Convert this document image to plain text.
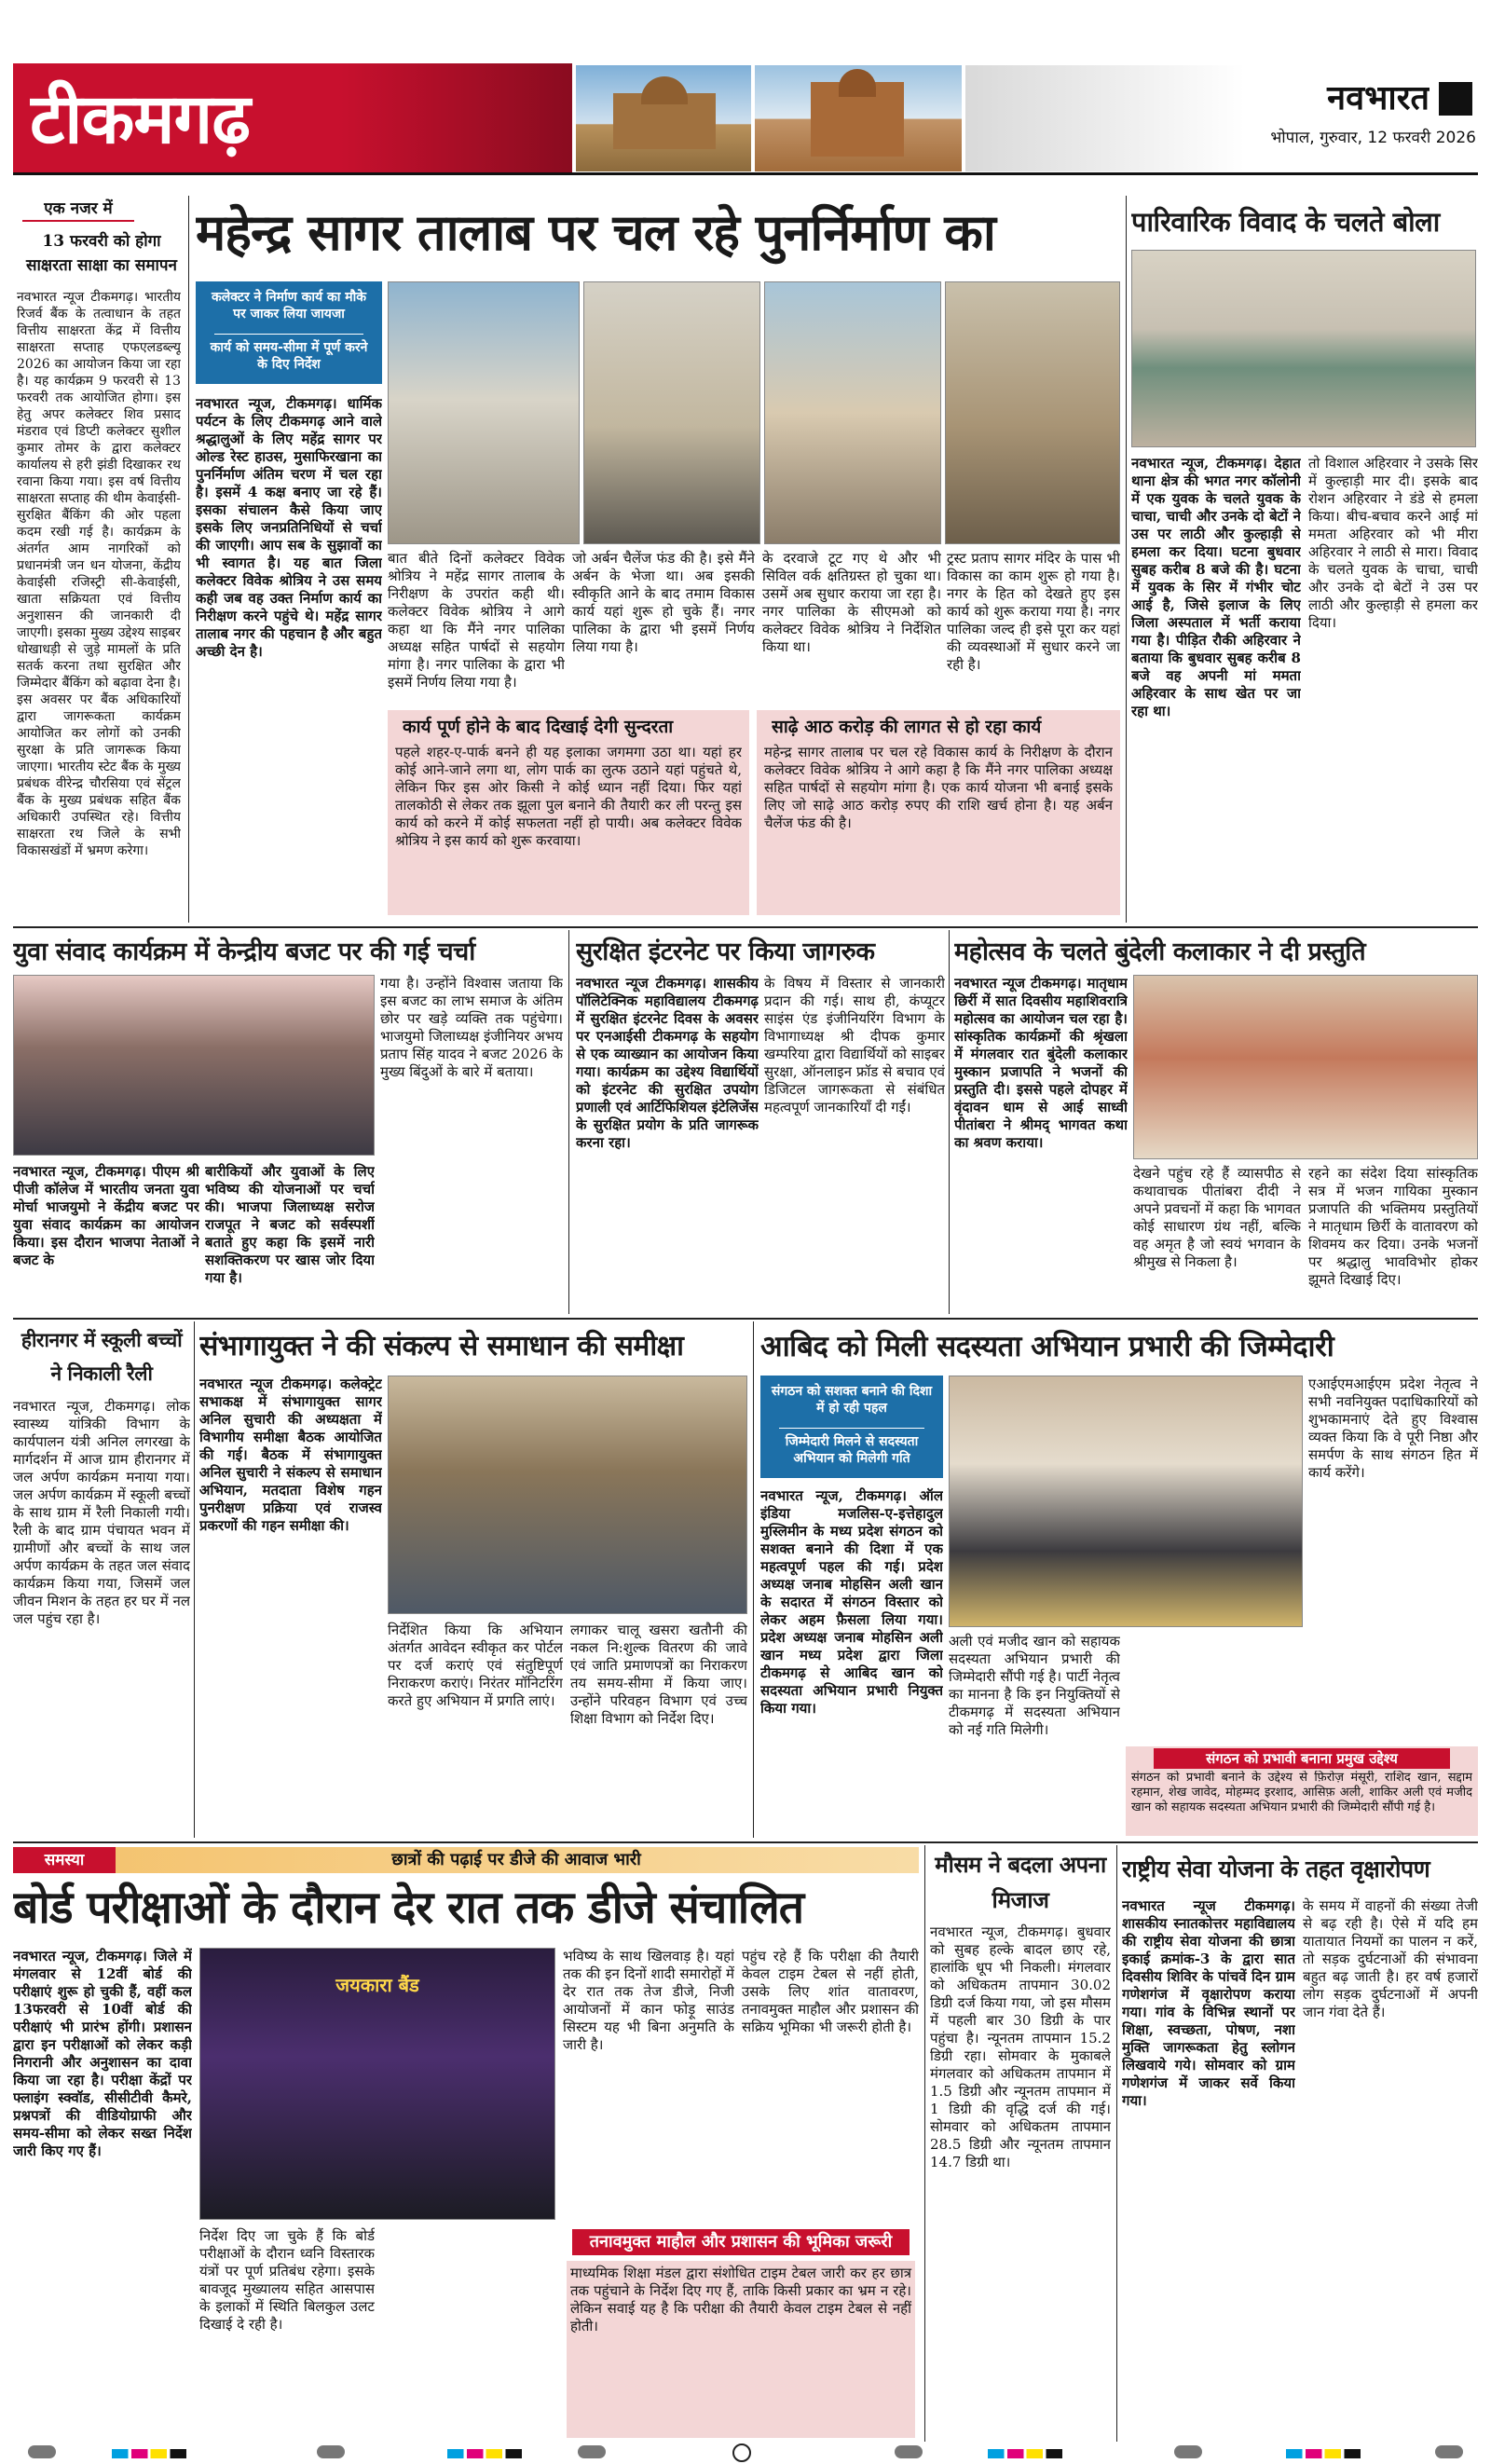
टीकमगढ़	नवभारत
भोपाल, गुरुवार, 12 फरवरी 2026
एक नजर में
13 फरवरी को होगा साक्षरता साक्षा का समापन

नवभारत न्यूज टीकमगढ़। भारतीय रिजर्व बैंक के तत्वाधान के तहत वित्तीय साक्षरता केंद्र में वित्तीय साक्षरता सप्ताह एफएलडब्ल्यू 2026 का आयोजन किया जा रहा है। यह कार्यक्रम 9 फरवरी से 13 फरवरी तक आयोजित होगा। इस हेतु अपर कलेक्टर शिव प्रसाद मंडराव एवं डिप्टी कलेक्टर सुशील कुमार तोमर के द्वारा कलेक्टर कार्यालय से हरी झंडी दिखाकर रथ रवाना किया गया। इस वर्ष वित्तीय साक्षरता सप्ताह की थीम केवाईसी-सुरक्षित बैंकिंग की ओर पहला कदम रखी गई है। कार्यक्रम के अंतर्गत आम नागरिकों को प्रधानमंत्री जन धन योजना, केंद्रीय केवाईसी रजिस्ट्री सी-केवाईसी, खाता सक्रियता एवं वित्तीय अनुशासन की जानकारी दी जाएगी। इसका मुख्य उद्देश्य साइबर धोखाधड़ी से जुड़े मामलों के प्रति सतर्क करना तथा सुरक्षित और जिम्मेदार बैंकिंग को बढ़ावा देना है। इस अवसर पर बैंक अधिकारियों द्वारा जागरूकता कार्यक्रम आयोजित कर लोगों को उनकी सुरक्षा के प्रति जागरूक किया जाएगा। भारतीय स्टेट बैंक के मुख्य प्रबंधक वीरेन्द्र चौरसिया एवं सेंट्रल बैंक के मुख्य प्रबंधक सहित बैंक अधिकारी उपस्थित रहे। वित्तीय साक्षरता रथ जिले के सभी विकासखंडों में भ्रमण करेगा।

महेन्द्र सागर तालाब पर चल रहे पुनर्निर्माण का
कलेक्टर ने निर्माण कार्य का मौके पर जाकर लिया जायजा
कार्य को समय-सीमा में पूर्ण करने के दिए निर्देश

नवभारत न्यूज, टीकमगढ़। धार्मिक पर्यटन के लिए टीकमगढ़ आने वाले श्रद्धालुओं के लिए महेंद्र सागर पर ओल्ड रेस्ट हाउस, मुसाफिरखाना का पुनर्निर्माण अंतिम चरण में चल रहा है। इसमें 4 कक्ष बनाए जा रहे हैं। इसका संचालन कैसे किया जाए इसके लिए जनप्रतिनिधियों से चर्चा की जाएगी। आप सब के सुझावों का भी स्वागत है। यह बात जिला कलेक्टर विवेक श्रोत्रिय ने उस समय कही जब वह उक्त निर्माण कार्य का निरीक्षण करने पहुंचे थे। महेंद्र सागर तालाब नगर की पहचान है और बहुत अच्छी देन है।

बात बीते दिनों कलेक्टर विवेक श्रोत्रिय ने महेंद्र सागर तालाब के निरीक्षण के उपरांत कही थी। कलेक्टर विवेक श्रोत्रिय ने आगे कहा था कि मैंने नगर पालिका अध्यक्ष सहित पार्षदों से सहयोग मांगा है। नगर पालिका के द्वारा भी इसमें निर्णय लिया गया है।

जो अर्बन चैलेंज फंड की है। इसे मैंने अर्बन के भेजा था। अब इसकी स्वीकृति आने के बाद तमाम विकास कार्य यहां शुरू हो चुके हैं। नगर पालिका के द्वारा भी इसमें निर्णय लिया गया है।

के दरवाजे टूट गए थे और भी सिविल वर्क क्षतिग्रस्त हो चुका था। उसमें अब सुधार कराया जा रहा है। नगर पालिका के सीएमओ को कलेक्टर विवेक श्रोत्रिय ने निर्देशित किया था।

ट्रस्ट प्रताप सागर मंदिर के पास भी विकास का काम शुरू हो गया है। नगर के हित को देखते हुए इस कार्य को शुरू कराया गया है। नगर पालिका जल्द ही इसे पूरा कर यहां की व्यवस्थाओं में सुधार करने जा रही है।

कार्य पूर्ण होने के बाद दिखाई देगी सुन्दरता

पहले शहर-ए-पार्क बनने ही यह इलाका जगमगा उठा था। यहां हर कोई आने-जाने लगा था, लोग पार्क का लुत्फ उठाने यहां पहुंचते थे, लेकिन फिर इस ओर किसी ने कोई ध्यान नहीं दिया। फिर यहां तालकोठी से लेकर तक झूला पुल बनाने की तैयारी कर ली परन्तु इस कार्य को करने में कोई सफलता नहीं हो पायी। अब कलेक्टर विवेक श्रोत्रिय ने इस कार्य को शुरू करवाया।

साढ़े आठ करोड़ की लागत से हो रहा कार्य

महेन्द्र सागर तालाब पर चल रहे विकास कार्य के निरीक्षण के दौरान कलेक्टर विवेक श्रोत्रिय ने आगे कहा है कि मैंने नगर पालिका अध्यक्ष सहित पार्षदों से सहयोग मांगा है। एक कार्य योजना भी बनाई इसके लिए जो साढ़े आठ करोड़ रुपए की राशि खर्च होना है। यह अर्बन चैलेंज फंड की है।

पारिवारिक विवाद के चलते बोला

नवभारत न्यूज, टीकमगढ़। देहात थाना क्षेत्र की भगत नगर कॉलोनी में एक युवक के चलते युवक के चाचा, चाची और उनके दो बेटों ने उस पर लाठी और कुल्हाड़ी से हमला कर दिया। घटना बुधवार सुबह करीब 8 बजे की है। घटना में युवक के सिर में गंभीर चोट आई है, जिसे इलाज के लिए जिला अस्पताल में भर्ती कराया गया है। पीड़ित रौकी अहिरवार ने बताया कि बुधवार सुबह करीब 8 बजे वह अपनी मां ममता अहिरवार के साथ खेत पर जा रहा था।

तो विशाल अहिरवार ने उसके सिर में कुल्हाड़ी मार दी। इसके बाद रोशन अहिरवार ने डंडे से हमला किया। बीच-बचाव करने आई मां ममता अहिरवार को भी मीरा अहिरवार ने लाठी से मारा। विवाद के चलते युवक के चाचा, चाची और उनके दो बेटों ने उस पर लाठी और कुल्हाड़ी से हमला कर दिया।

युवा संवाद कार्यक्रम में केन्द्रीय बजट पर की गई चर्चा

नवभारत न्यूज, टीकमगढ़। पीएम श्री पीजी कॉलेज में भारतीय जनता युवा मोर्चा भाजयुमो ने केंद्रीय बजट पर युवा संवाद कार्यक्रम का आयोजन किया। इस दौरान भाजपा नेताओं ने बजट के

गया है। उन्होंने विश्वास जताया कि इस बजट का लाभ समाज के अंतिम छोर पर खड़े व्यक्ति तक पहुंचेगा। भाजयुमो जिलाध्यक्ष इंजीनियर अभय प्रताप सिंह यादव ने बजट 2026 के मुख्य बिंदुओं के बारे में बताया।

बारीकियों और युवाओं के लिए भविष्य की योजनाओं पर चर्चा की। भाजपा जिलाध्यक्ष सरोज राजपूत ने बजट को सर्वस्पर्शी बताते हुए कहा कि इसमें नारी सशक्तिकरण पर खास जोर दिया गया है।

सुरक्षित इंटरनेट पर किया जागरुक

नवभारत न्यूज टीकमगढ़। शासकीय पॉलिटेक्निक महाविद्यालय टीकमगढ़ में सुरक्षित इंटरनेट दिवस के अवसर पर एनआईसी टीकमगढ़ के सहयोग से एक व्याख्यान का आयोजन किया गया। कार्यक्रम का उद्देश्य विद्यार्थियों को इंटरनेट की सुरक्षित उपयोग प्रणाली एवं आर्टिफिशियल इंटेलिजेंस के सुरक्षित प्रयोग के प्रति जागरूक करना रहा।

के विषय में विस्तार से जानकारी प्रदान की गई। साथ ही, कंप्यूटर साइंस एंड इंजीनियरिंग विभाग के विभागाध्यक्ष श्री दीपक कुमार खम्परिया द्वारा विद्यार्थियों को साइबर सुरक्षा, ऑनलाइन फ्रॉड से बचाव एवं डिजिटल जागरूकता से संबंधित महत्वपूर्ण जानकारियाँ दी गईं।

महोत्सव के चलते बुंदेली कलाकार ने दी प्रस्तुति

नवभारत न्यूज टीकमगढ़। मातृधाम छिर्री में सात दिवसीय महाशिवरात्रि महोत्सव का आयोजन चल रहा है। सांस्कृतिक कार्यक्रमों की श्रृंखला में मंगलवार रात बुंदेली कलाकार मुस्कान प्रजापति ने भजनों की प्रस्तुति दी। इससे पहले दोपहर में वृंदावन धाम से आई साध्वी पीतांबरा ने श्रीमद् भागवत कथा का श्रवण कराया।

देखने पहुंच रहे हैं व्यासपीठ से कथावाचक पीतांबरा दीदी ने अपने प्रवचनों में कहा कि भागवत कोई साधारण ग्रंथ नहीं, बल्कि वह अमृत है जो स्वयं भगवान के श्रीमुख से निकला है।

रहने का संदेश दिया सांस्कृतिक सत्र में भजन गायिका मुस्कान प्रजापति की भक्तिमय प्रस्तुतियों ने मातृधाम छिर्री के वातावरण को शिवमय कर दिया। उनके भजनों पर श्रद्धालु भावविभोर होकर झूमते दिखाई दिए।

हीरानगर में स्कूली बच्चों ने निकाली रैली

नवभारत न्यूज, टीकमगढ़। लोक स्वास्थ्य यांत्रिकी विभाग के कार्यपालन यंत्री अनिल लगरखा के मार्गदर्शन में आज ग्राम हीरानगर में जल अर्पण कार्यक्रम मनाया गया। जल अर्पण कार्यक्रम में स्कूली बच्चों के साथ ग्राम में रैली निकाली गयी। रैली के बाद ग्राम पंचायत भवन में ग्रामीणों और बच्चों के साथ जल अर्पण कार्यक्रम के तहत जल संवाद कार्यक्रम किया गया, जिसमें जल जीवन मिशन के तहत हर घर में नल जल पहुंच रहा है।

संभागायुक्त ने की संकल्प से समाधान की समीक्षा

नवभारत न्यूज टीकमगढ़। कलेक्ट्रेट सभाकक्ष में संभागायुक्त सागर अनिल सुचारी की अध्यक्षता में विभागीय समीक्षा बैठक आयोजित की गई। बैठक में संभागायुक्त अनिल सुचारी ने संकल्प से समाधान अभियान, मतदाता विशेष गहन पुनरीक्षण प्रक्रिया एवं राजस्व प्रकरणों की गहन समीक्षा की।

निर्देशित किया कि अभियान अंतर्गत आवेदन स्वीकृत कर पोर्टल पर दर्ज कराएं एवं संतुष्टिपूर्ण निराकरण कराएं। निरंतर मॉनिटरिंग करते हुए अभियान में प्रगति लाएं।

लगाकर चालू खसरा खतौनी की नकल नि:शुल्क वितरण की जावे एवं जाति प्रमाणपत्रों का निराकरण तय समय-सीमा में किया जाए। उन्होंने परिवहन विभाग एवं उच्च शिक्षा विभाग को निर्देश दिए।

आबिद को मिली सदस्यता अभियान प्रभारी की जिम्मेदारी
संगठन को सशक्त बनाने की दिशा में हो रही पहल
जिम्मेदारी मिलने से सदस्यता अभियान को मिलेगी गति

नवभारत न्यूज, टीकमगढ़। ऑल इंडिया मजलिस-ए-इत्तेहादुल मुस्लिमीन के मध्य प्रदेश संगठन को सशक्त बनाने की दिशा में एक महत्वपूर्ण पहल की गई। प्रदेश अध्यक्ष जनाब मोहसिन अली खान के सदारत में संगठन विस्तार को लेकर अहम फ़ैसला लिया गया। प्रदेश अध्यक्ष जनाब मोहसिन अली खान मध्य प्रदेश द्वारा जिला टीकमगढ़ से आबिद खान को सदस्यता अभियान प्रभारी नियुक्त किया गया।

अली एवं मजीद खान को सहायक सदस्यता अभियान प्रभारी की जिम्मेदारी सौंपी गई है। पार्टी नेतृत्व का मानना है कि इन नियुक्तियों से टीकमगढ़ में सदस्यता अभियान को नई गति मिलेगी।

एआईएमआईएम प्रदेश नेतृत्व ने सभी नवनियुक्त पदाधिकारियों को शुभकामनाएं देते हुए विश्वास व्यक्त किया कि वे पूरी निष्ठा और समर्पण के साथ संगठन हित में कार्य करेंगे।

संगठन को प्रभावी बनाना प्रमुख उद्देश्य

संगठन को प्रभावी बनाने के उद्देश्य से फ़िरोज़ मंसूरी, राशिद खान, सद्दाम रहमान, शेख जावेद, मोहम्मद इरशाद, आसिफ़ अली, शाकिर अली एवं मजीद खान को सहायक सदस्यता अभियान प्रभारी की जिम्मेदारी सौंपी गई है।

समस्या	छात्रों की पढ़ाई पर डीजे की आवाज भारी
बोर्ड परीक्षाओं के दौरान देर रात तक डीजे संचालित

नवभारत न्यूज, टीकमगढ़। जिले में मंगलवार से 12वीं बोर्ड की परीक्षाएं शुरू हो चुकी हैं, वहीं कल 13फरवरी से 10वीं बोर्ड की परीक्षाएं भी प्रारंभ होंगी। प्रशासन द्वारा इन परीक्षाओं को लेकर कड़ी निगरानी और अनुशासन का दावा किया जा रहा है। परीक्षा केंद्रों पर फ्लाइंग स्क्वॉड, सीसीटीवी कैमरे, प्रश्नपत्रों की वीडियोग्राफी और समय-सीमा को लेकर सख्त निर्देश जारी किए गए हैं।

जयकारा बैंड

निर्देश दिए जा चुके हैं कि बोर्ड परीक्षाओं के दौरान ध्वनि विस्तारक यंत्रों पर पूर्ण प्रतिबंध रहेगा। इसके बावजूद मुख्यालय सहित आसपास के इलाकों में स्थिति बिलकुल उलट दिखाई दे रही है।

भविष्य के साथ खिलवाड़ है। यहां तक की इन दिनों शादी समारोहों में देर रात तक तेज डीजे, निजी आयोजनों में कान फोड़ू साउंड सिस्टम यह भी बिना अनुमति के जारी है।

पहुंच रहे हैं कि परीक्षा की तैयारी केवल टाइम टेबल से नहीं होती, उसके लिए शांत वातावरण, तनावमुक्त माहौल और प्रशासन की सक्रिय भूमिका भी जरूरी होती है।

तनावमुक्त माहौल और प्रशासन की भूमिका जरूरी

माध्यमिक शिक्षा मंडल द्वारा संशोधित टाइम टेबल जारी कर हर छात्र तक पहुंचाने के निर्देश दिए गए हैं, ताकि किसी प्रकार का भ्रम न रहे। लेकिन सवाई यह है कि परीक्षा की तैयारी केवल टाइम टेबल से नहीं होती।

मौसम ने बदला अपना मिजाज

नवभारत न्यूज, टीकमगढ़। बुधवार को सुबह हल्के बादल छाए रहे, हालांकि धूप भी निकली। मंगलवार को अधिकतम तापमान 30.02 डिग्री दर्ज किया गया, जो इस मौसम में पहली बार 30 डिग्री के पार पहुंचा है। न्यूनतम तापमान 15.2 डिग्री रहा। सोमवार के मुकाबले मंगलवार को अधिकतम तापमान में 1.5 डिग्री और न्यूनतम तापमान में 1 डिग्री की वृद्धि दर्ज की गई। सोमवार को अधिकतम तापमान 28.5 डिग्री और न्यूनतम तापमान 14.7 डिग्री था।

राष्ट्रीय सेवा योजना के तहत वृक्षारोपण

नवभारत न्यूज टीकमगढ़। शासकीय स्नातकोत्तर महाविद्यालय की राष्ट्रीय सेवा योजना की छात्रा इकाई क्रमांक-3 के द्वारा सात दिवसीय शिविर के पांचवें दिन ग्राम गणेशगंज में वृक्षारोपण कराया गया। गांव के विभिन्न स्थानों पर शिक्षा, स्वच्छता, पोषण, नशा मुक्ति जागरूकता हेतु स्लोगन लिखवाये गये। सोमवार को ग्राम गणेशगंज में जाकर सर्वे किया गया।

के समय में वाहनों की संख्या तेजी से बढ़ रही है। ऐसे में यदि हम यातायात नियमों का पालन न करें, तो सड़क दुर्घटनाओं की संभावना बहुत बढ़ जाती है। हर वर्ष हजारों लोग सड़क दुर्घटनाओं में अपनी जान गंवा देते हैं।
